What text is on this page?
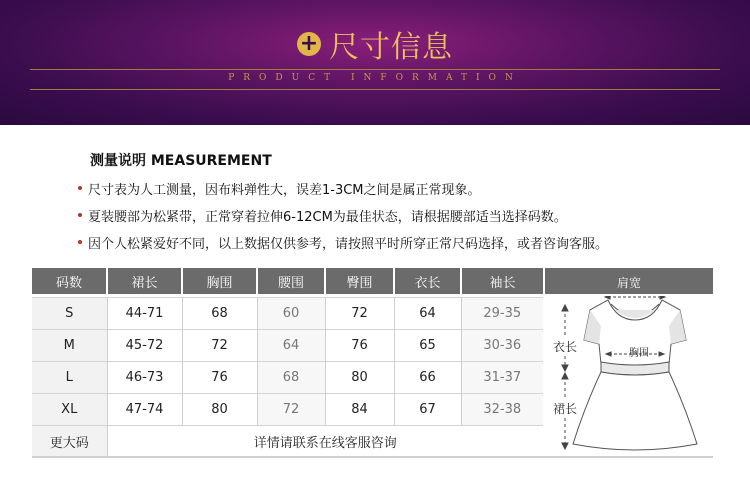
+ 尺寸信息
PRODUCT INFORMATION
测量说明 MEASUREMENT
尺寸表为人工测量，因布料弹性大，误差1-3CM之间是属正常现象。
夏装腰部为松紧带，正常穿着拉伸6-12CM为最佳状态，请根据腰部适当选择码数。
因个人松紧爱好不同，以上数据仅供参考，请按照平时所穿正常尺码选择，或者咨询客服。
码数	裙长	胸围	腰围	臀围	衣长	袖长

S	44-71	68	60	72	64	29-35
M	45-72	72	64	76	65	30-36
L	46-73	76	68	80	66	31-37
XL	47-74	80	72	84	67	32-38
更大码	详情请联系在线客服咨询					
肩宽
胸围
衣长
裙长
